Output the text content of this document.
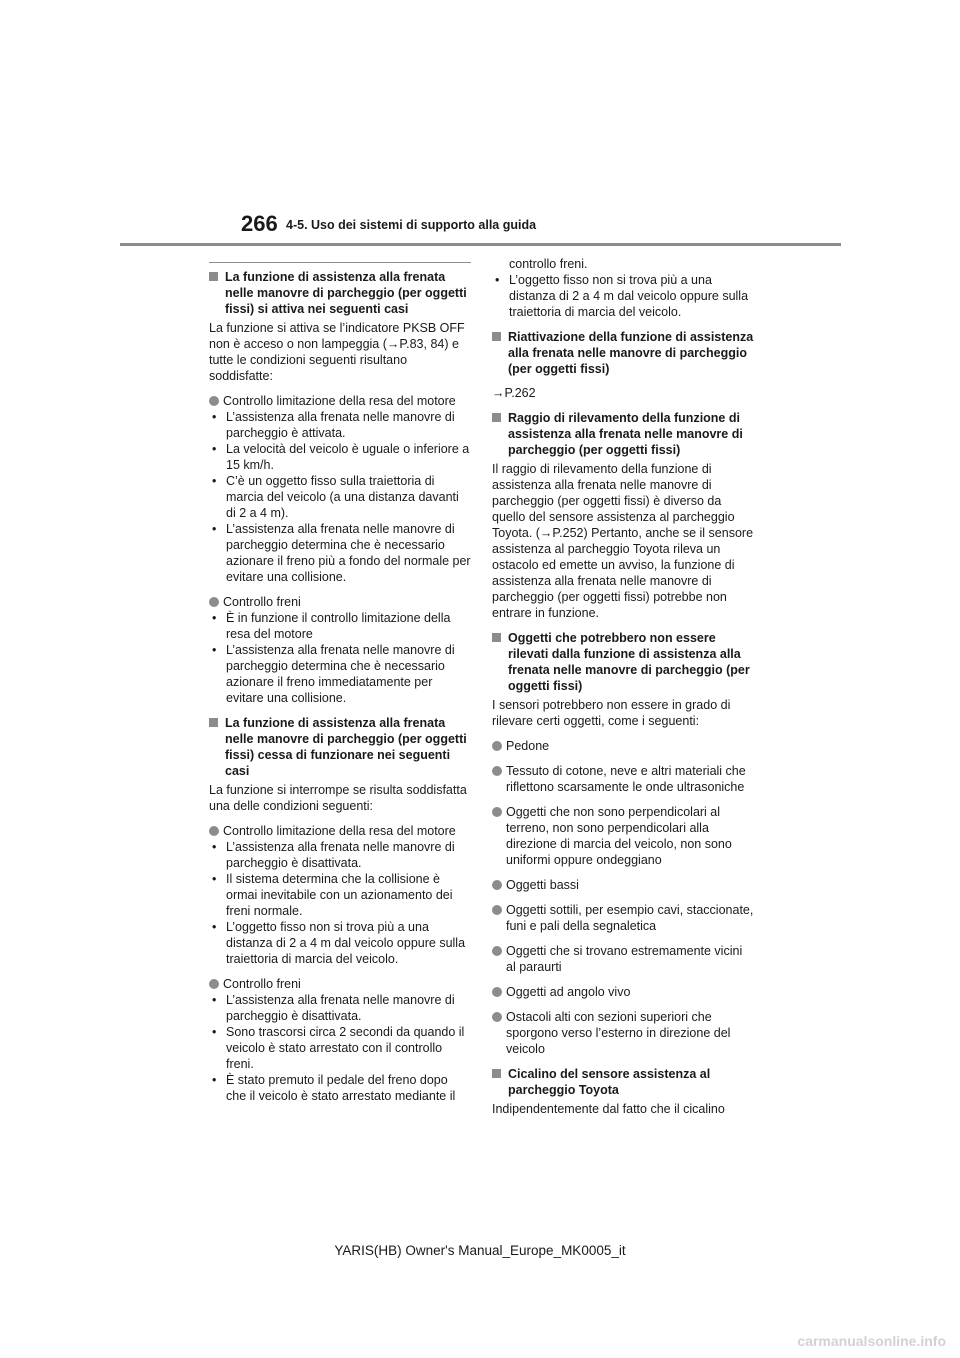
266 4-5. Uso dei sistemi di supporto alla guida
La funzione di assistenza alla frenata nelle manovre di parcheggio (per oggetti fissi) si attiva nei seguenti casi

La funzione si attiva se l’indicatore PKSB OFF non è acceso o non lampeggia (→P.83, 84) e tutte le condizioni seguenti risultano soddisfatte:

Controllo limitazione della resa del motore

• L’assistenza alla frenata nelle manovre di parcheggio è attivata.

• La velocità del veicolo è uguale o inferiore a 15 km/h.

• C’è un oggetto fisso sulla traiettoria di marcia del veicolo (a una distanza davanti di 2 a 4 m).

• L’assistenza alla frenata nelle manovre di parcheggio determina che è necessario azionare il freno più a fondo del normale per evitare una collisione.

Controllo freni

• È in funzione il controllo limitazione della resa del motore

• L’assistenza alla frenata nelle manovre di parcheggio determina che è necessario azionare il freno immediatamente per evitare una collisione.

La funzione di assistenza alla frenata nelle manovre di parcheggio (per oggetti fissi) cessa di funzionare nei seguenti casi

La funzione si interrompe se risulta soddisfatta una delle condizioni seguenti:

Controllo limitazione della resa del motore

• L’assistenza alla frenata nelle manovre di parcheggio è disattivata.

• Il sistema determina che la collisione è ormai inevitabile con un azionamento dei freni normale.

• L’oggetto fisso non si trova più a una distanza di 2 a 4 m dal veicolo oppure sulla traiettoria di marcia del veicolo.

Controllo freni

• L’assistenza alla frenata nelle manovre di parcheggio è disattivata.

• Sono trascorsi circa 2 secondi da quando il veicolo è stato arrestato con il controllo freni.

• È stato premuto il pedale del freno dopo che il veicolo è stato arrestato mediante il

controllo freni.

• L’oggetto fisso non si trova più a una distanza di 2 a 4 m dal veicolo oppure sulla traiettoria di marcia del veicolo.

Riattivazione della funzione di assistenza alla frenata nelle manovre di parcheggio (per oggetti fissi)

→P.262

Raggio di rilevamento della funzione di assistenza alla frenata nelle manovre di parcheggio (per oggetti fissi)

Il raggio di rilevamento della funzione di assistenza alla frenata nelle manovre di parcheggio (per oggetti fissi) è diverso da quello del sensore assistenza al parcheggio Toyota. (→P.252) Pertanto, anche se il sensore assistenza al parcheggio Toyota rileva un ostacolo ed emette un avviso, la funzione di assistenza alla frenata nelle manovre di parcheggio (per oggetti fissi) potrebbe non entrare in funzione.

Oggetti che potrebbero non essere rilevati dalla funzione di assistenza alla frenata nelle manovre di parcheggio (per oggetti fissi)

I sensori potrebbero non essere in grado di rilevare certi oggetti, come i seguenti:

Pedone

Tessuto di cotone, neve e altri materiali che riflettono scarsamente le onde ultrasoniche

Oggetti che non sono perpendicolari al terreno, non sono perpendicolari alla direzione di marcia del veicolo, non sono uniformi oppure ondeggiano

Oggetti bassi

Oggetti sottili, per esempio cavi, staccionate, funi e pali della segnaletica

Oggetti che si trovano estremamente vicini al paraurti

Oggetti ad angolo vivo

Ostacoli alti con sezioni superiori che sporgono verso l’esterno in direzione del veicolo

Cicalino del sensore assistenza al parcheggio Toyota

Indipendentemente dal fatto che il cicalino

YARIS(HB) Owner's Manual_Europe_MK0005_it
carmanualsonline.info
